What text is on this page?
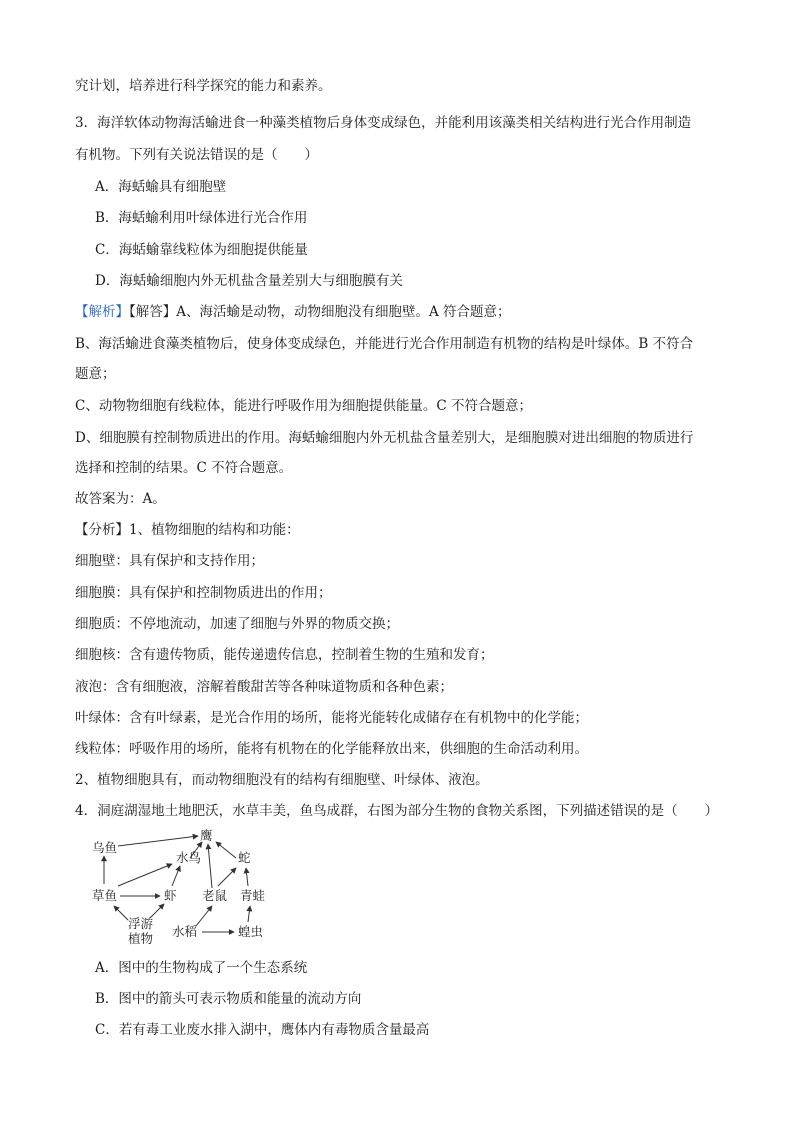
究计划，培养进行科学探究的能力和素养。
3．海洋软体动物海活蝓进食一种藻类植物后身体变成绿色，并能利用该藻类相关结构进行光合作用制造
有机物。下列有关说法错误的是（　　）
A．海蛞蝓具有细胞壁
B．海蛞蝓利用叶绿体进行光合作用
C．海蛞蝓靠线粒体为细胞提供能量
D．海蛞蝓细胞内外无机盐含量差别大与细胞膜有关
【解析】【解答】A、海活蝓是动物，动物细胞没有细胞壁。A 符合题意；
B、海活蝓进食藻类植物后，使身体变成绿色，并能进行光合作用制造有机物的结构是叶绿体。B 不符合
题意；
C、动物物细胞有线粒体，能进行呼吸作用为细胞提供能量。C 不符合题意；
D、细胞膜有控制物质进出的作用。海蛞蝓细胞内外无机盐含量差别大，是细胞膜对进出细胞的物质进行
选择和控制的结果。C 不符合题意。
故答案为：A。
【分析】1、植物细胞的结构和功能：
细胞壁：具有保护和支持作用；
细胞膜：具有保护和控制物质进出的作用；
细胞质：不停地流动，加速了细胞与外界的物质交换；
细胞核：含有遗传物质，能传递遗传信息，控制着生物的生殖和发育；
液泡：含有细胞液，溶解着酸甜苦等各种味道物质和各种色素；
叶绿体：含有叶绿素，是光合作用的场所，能将光能转化成储存在有机物中的化学能；
线粒体：呼吸作用的场所，能将有机物在的化学能释放出来，供细胞的生命活动利用。
2、植物细胞具有，而动物细胞没有的结构有细胞壁、叶绿体、液泡。
4．洞庭湖湿地土地肥沃，水草丰美，鱼鸟成群，右图为部分生物的食物关系图，下列描述错误的是（　　）
鹰
乌鱼
水鸟	蛇
草鱼	虾 老鼠 青蛙
浮游
植物 水稻	蝗虫
A．图中的生物构成了一个生态系统
B．图中的箭头可表示物质和能量的流动方向
C．若有毒工业废水排入湖中，鹰体内有毒物质含量最高
